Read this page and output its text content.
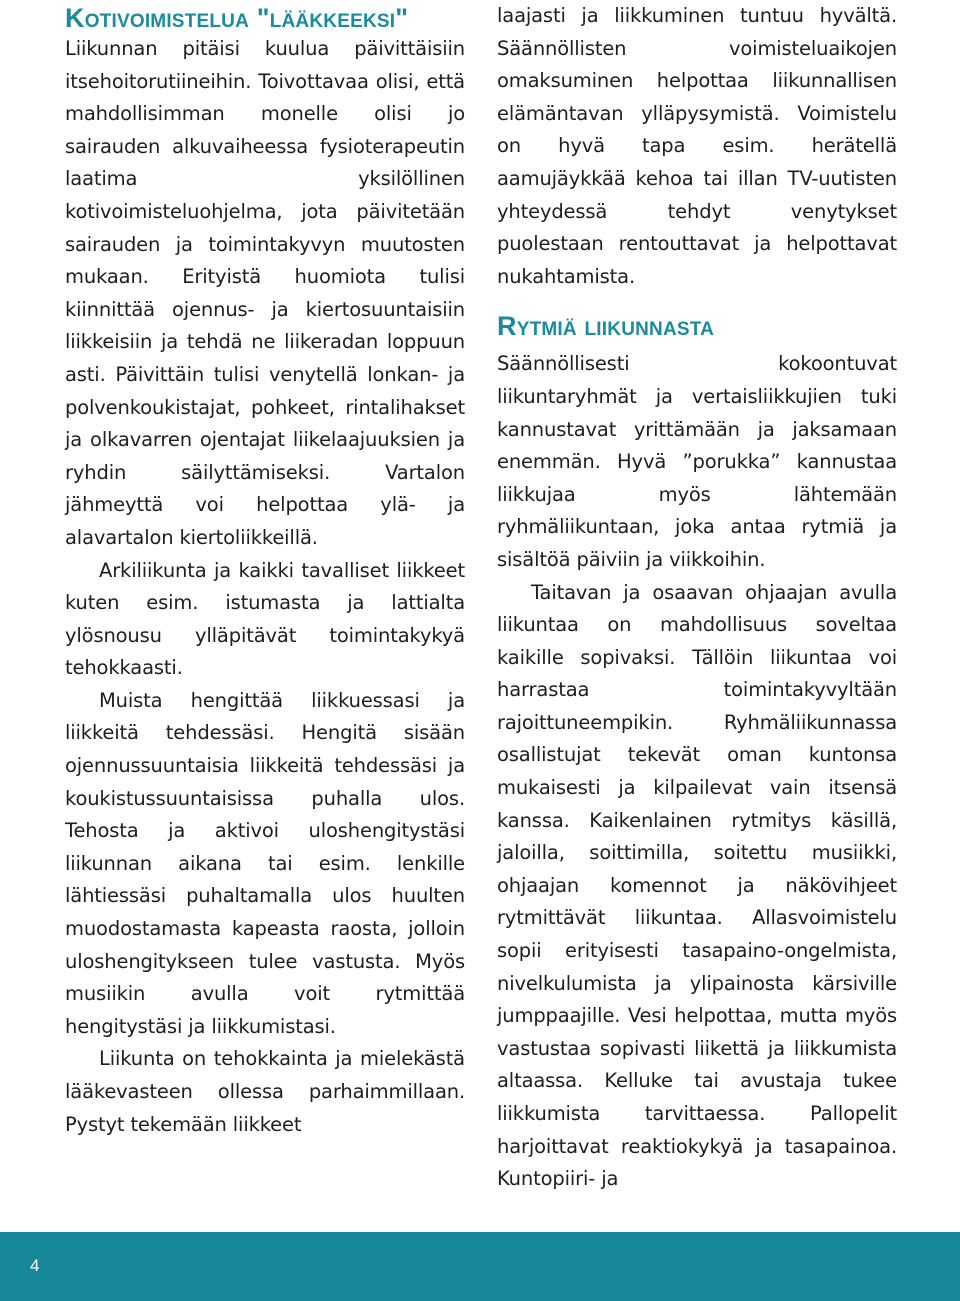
Kotivoimistelua "lääkkeeksi"

Liikunnan pitäisi kuulua päivittäisiin itsehoitorutiineihin. Toivottavaa olisi, että mahdollisimman monelle olisi jo sairauden alkuvaiheessa fysioterapeutin laatima yksilöllinen kotivoimisteluohjelma, jota päivitetään sairauden ja toimintakyvyn muutosten mukaan. Erityistä huomiota tulisi kiinnittää ojennus- ja kiertosuuntaisiin liikkeisiin ja tehdä ne liikeradan loppuun asti. Päivittäin tulisi venytellä lonkan- ja polvenkoukistajat, pohkeet, rintalihakset ja olkavarren ojentajat liikelaajuuksien ja ryhdin säilyttämiseksi. Vartalon jähmeyttä voi helpottaa ylä- ja alavartalon kiertoliikkeillä.

Arkiliikunta ja kaikki tavalliset liikkeet kuten esim. istumasta ja lattialta ylösnousu ylläpitävät toimintakykyä tehokkaasti.

Muista hengittää liikkuessasi ja liikkeitä tehdessäsi. Hengitä sisään ojennussuuntaisia liikkeitä tehdessäsi ja koukistussuuntaisissa puhalla ulos. Tehosta ja aktivoi uloshengitystäsi liikunnan aikana tai esim. lenkille lähtiessäsi puhaltamalla ulos huulten muodostamasta kapeasta raosta, jolloin uloshengitykseen tulee vastusta. Myös musiikin avulla voit rytmittää hengitystäsi ja liikkumistasi.

Liikunta on tehokkainta ja mielekästä lääkevasteen ollessa parhaimmillaan. Pystyt tekemään liikkeet

laajasti ja liikkuminen tuntuu hyvältä. Säännöllisten voimisteluaikojen omaksuminen helpottaa liikunnallisen elämäntavan ylläpysymistä. Voimistelu on hyvä tapa esim. herätellä aamujäykkää kehoa tai illan TV-uutisten yhteydessä tehdyt venytykset puolestaan rentouttavat ja helpottavat nukahtamista.

Rytmiä liikunnasta

Säännöllisesti kokoontuvat liikuntaryhmät ja vertaisliikkujien tuki kannustavat yrittämään ja jaksamaan enemmän. Hyvä ”porukka” kannustaa liikkujaa myös lähtemään ryhmäliikuntaan, joka antaa rytmiä ja sisältöä päiviin ja viikkoihin.

Taitavan ja osaavan ohjaajan avulla liikuntaa on mahdollisuus soveltaa kaikille sopivaksi. Tällöin liikuntaa voi harrastaa toimintakyvyltään rajoittuneempikin. Ryhmäliikunnassa osallistujat tekevät oman kuntonsa mukaisesti ja kilpailevat vain itsensä kanssa. Kaikenlainen rytmitys käsillä, jaloilla, soittimilla, soitettu musiikki, ohjaajan komennot ja näkövihjeet rytmittävät liikuntaa. Allasvoimistelu sopii erityisesti tasapaino-ongelmista, nivelkulumista ja ylipainosta kärsiville jumppaajille. Vesi helpottaa, mutta myös vastustaa sopivasti liikettä ja liikkumista altaassa. Kelluke tai avustaja tukee liikkumista tarvittaessa. Pallopelit harjoittavat reaktiokykyä ja tasapainoa. Kuntopiiri- ja

4
